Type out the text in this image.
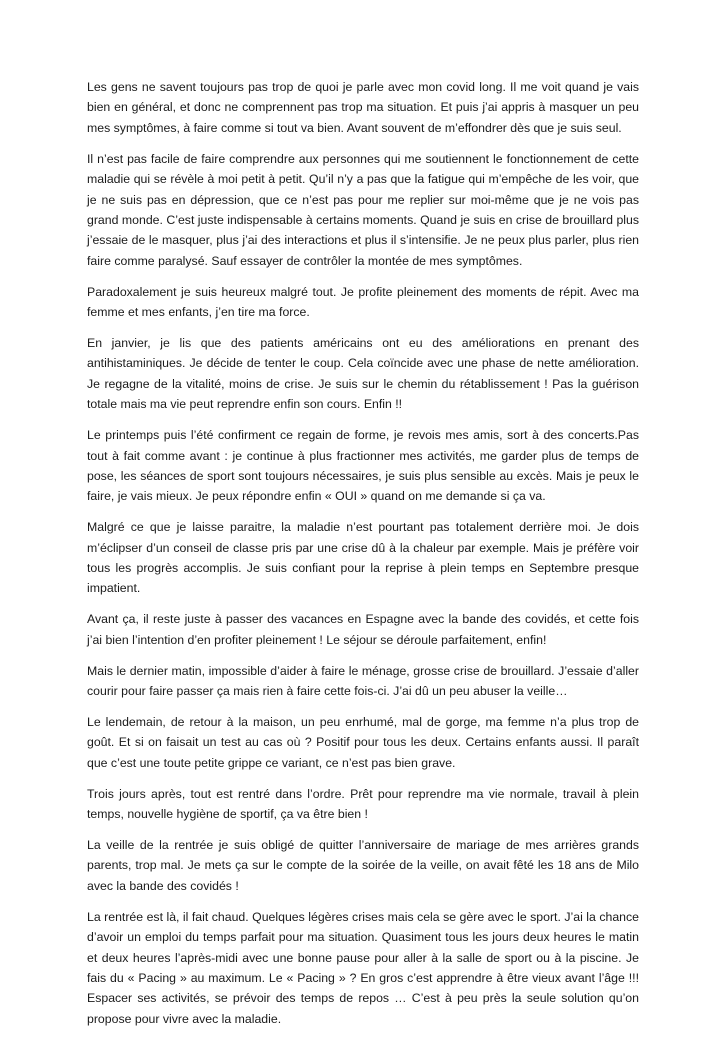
Les gens ne savent toujours pas trop de quoi je parle avec mon covid long. Il me voit quand je vais bien en général, et donc ne comprennent pas trop ma situation. Et puis j’ai appris à masquer un peu mes symptômes, à faire comme si tout va bien. Avant souvent de m’effondrer dès que je suis seul.

Il n’est pas facile de faire comprendre aux personnes qui me soutiennent le fonctionnement de cette maladie qui se révèle à moi petit à petit. Qu’il n’y a pas que la fatigue qui m’empêche de les voir, que je ne suis pas en dépression, que ce n’est pas pour me replier sur moi-même que je ne vois pas grand monde. C’est juste indispensable à certains moments. Quand je suis en crise de brouillard plus j’essaie de le masquer, plus j’ai des interactions et plus il s’intensifie. Je ne peux plus parler, plus rien faire comme paralysé. Sauf essayer de contrôler la montée de mes symptômes.

Paradoxalement je suis heureux malgré tout. Je profite pleinement des moments de répit. Avec ma femme et mes enfants, j’en tire ma force.

En janvier, je lis que des patients américains ont eu des améliorations en prenant des antihistaminiques. Je décide de tenter le coup. Cela coïncide avec une phase de nette amélioration. Je regagne de la vitalité, moins de crise. Je suis sur le chemin du rétablissement ! Pas la guérison totale mais ma vie peut reprendre enfin son cours. Enfin !!

Le printemps puis l’été confirment ce regain de forme, je revois mes amis, sort à des concerts.Pas tout à fait comme avant : je continue à plus fractionner mes activités, me garder plus de temps de pose, les séances de sport sont toujours nécessaires, je suis plus sensible au excès. Mais je peux le faire, je vais mieux. Je peux répondre enfin « OUI » quand on me demande si ça va.

Malgré ce que je laisse paraitre, la maladie n’est pourtant pas totalement derrière moi. Je dois m’éclipser d’un conseil de classe pris par une crise dû à la chaleur par exemple. Mais je préfère voir tous les progrès accomplis. Je suis confiant pour la reprise à plein temps en Septembre presque impatient.

Avant ça, il reste juste à passer des vacances en Espagne avec la bande des covidés, et cette fois j’ai bien l’intention d’en profiter pleinement ! Le séjour se déroule parfaitement, enfin!

Mais le dernier matin, impossible d’aider à faire le ménage, grosse crise de brouillard. J’essaie d’aller courir pour faire passer ça mais rien à faire cette fois-ci. J’ai dû un peu abuser la veille…

Le lendemain, de retour à la maison, un peu enrhumé, mal de gorge, ma femme n’a plus trop de goût. Et si on faisait un test au cas où ? Positif pour tous les deux. Certains enfants aussi. Il paraît que c’est une toute petite grippe ce variant, ce n’est pas bien grave.

Trois jours après, tout est rentré dans l’ordre. Prêt pour reprendre ma vie normale, travail à plein temps, nouvelle hygiène de sportif, ça va être bien !

La veille de la rentrée je suis obligé de quitter l’anniversaire de mariage de mes arrières grands parents, trop mal. Je mets ça sur le compte de la soirée de la veille, on avait fêté les 18 ans de Milo avec la bande des covidés !

La rentrée est là, il fait chaud. Quelques légères crises mais cela se gère avec le sport. J’ai la chance d’avoir un emploi du temps parfait pour ma situation. Quasiment tous les jours deux heures le matin et deux heures l’après-midi avec une bonne pause pour aller à la salle de sport ou à la piscine. Je fais du « Pacing » au maximum. Le « Pacing » ? En gros c’est apprendre à être vieux avant l’âge !!! Espacer ses activités, se prévoir des temps de repos … C’est à peu près la seule solution qu’on propose pour vivre avec la maladie.
